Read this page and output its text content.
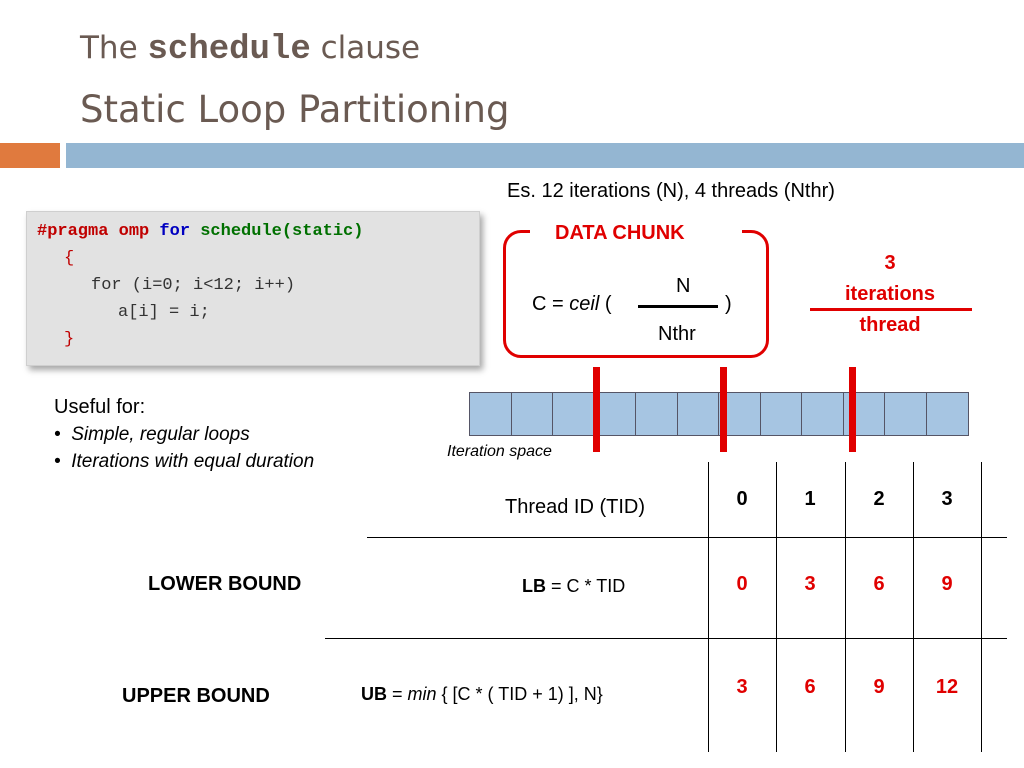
The schedule clause
Static Loop Partitioning
Es. 12 iterations (N), 4 threads (Nthr)
#pragma omp for schedule(static)
{
for (i=0; i<12; i++)
a[i] = i;
}
Useful for:
•  Simple, regular loops
•  Iterations with equal duration
DATA CHUNK
C = ceil (
N
Nthr
)
3
iterations
thread
Iteration space
Thread ID (TID)	0	1	2	3
LOWER BOUND	LB = C * TID	0	3	6	9
UPPER BOUND	UB = min { [C * ( TID + 1) ], N}	3	6	9	12
